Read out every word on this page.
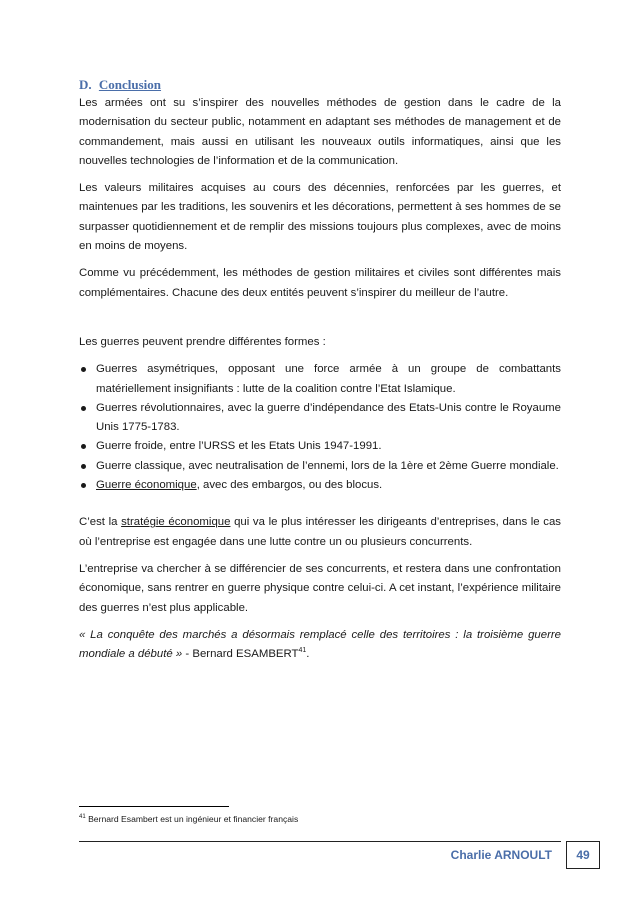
D. Conclusion

Les armées ont su s’inspirer des nouvelles méthodes de gestion dans le cadre de la modernisation du secteur public, notamment en adaptant ses méthodes de management et de commandement, mais aussi en utilisant les nouveaux outils informatiques, ainsi que les nouvelles technologies de l’information et de la communication.

Les valeurs militaires acquises au cours des décennies, renforcées par les guerres, et maintenues par les traditions, les souvenirs et les décorations, permettent à ses hommes de se surpasser quotidiennement et de remplir des missions toujours plus complexes, avec de moins en moins de moyens.

Comme vu précédemment, les méthodes de gestion militaires et civiles sont différentes mais complémentaires. Chacune des deux entités peuvent s’inspirer du meilleur de l’autre.

Les guerres peuvent prendre différentes formes :

Guerres asymétriques, opposant une force armée à un groupe de combattants matériellement insignifiants : lutte de la coalition contre l’Etat Islamique.
Guerres révolutionnaires, avec la guerre d’indépendance des Etats-Unis contre le Royaume Unis 1775-1783.
Guerre froide, entre l’URSS et les Etats Unis 1947-1991.
Guerre classique, avec neutralisation de l’ennemi, lors de la 1ère et 2ème Guerre mondiale.
Guerre économique, avec des embargos, ou des blocus.

C’est la stratégie économique qui va le plus intéresser les dirigeants d’entreprises, dans le cas où l’entreprise est engagée dans une lutte contre un ou plusieurs concurrents.

L’entreprise va chercher à se différencier de ses concurrents, et restera dans une confrontation économique, sans rentrer en guerre physique contre celui-ci. A cet instant, l’expérience militaire des guerres n’est plus applicable.

« La conquête des marchés a désormais remplacé celle des territoires : la troisième guerre mondiale a débuté » - Bernard ESAMBERT$^{41}$.

$^{41}$ Bernard Esambert est un ingénieur et financier français
Charlie ARNOULT	49
